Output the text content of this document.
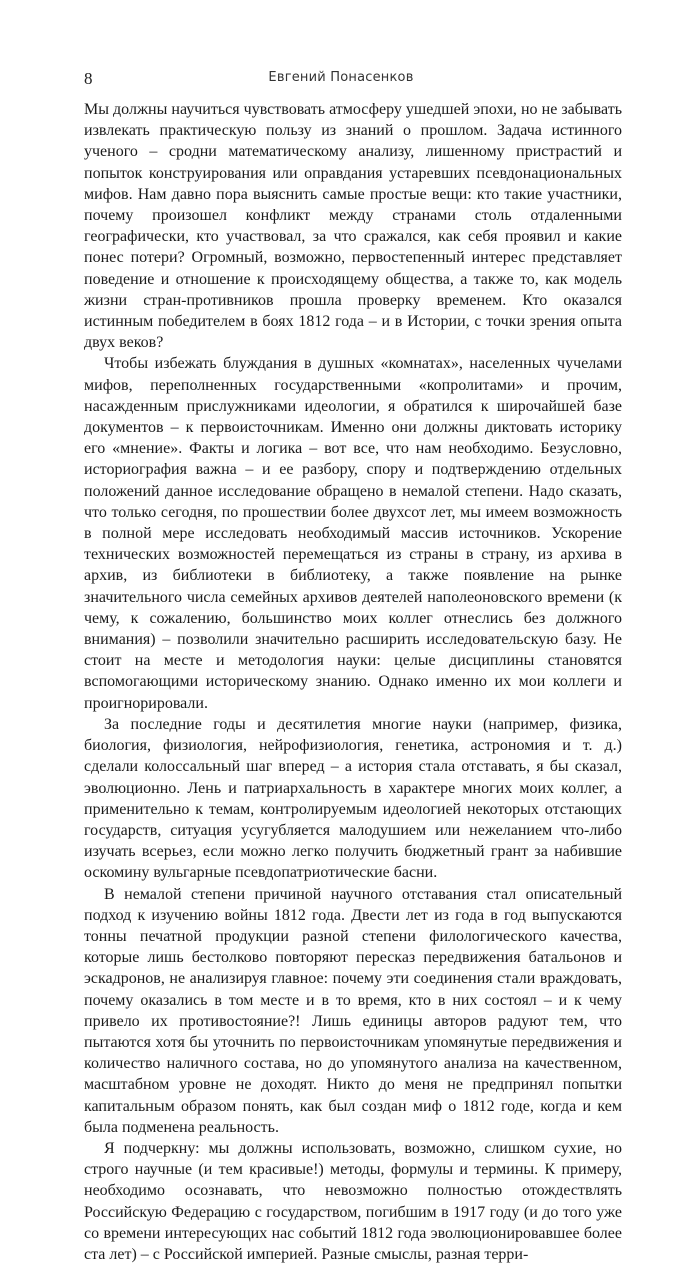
8	Евгений Понасенков

Мы должны научиться чувствовать атмосферу ушедшей эпохи, но не забывать извлекать практическую пользу из знаний о прошлом. Задача истинного ученого – сродни математическому анализу, лишенному пристрастий и попыток конструирования или оправдания устаревших псевдонациональных мифов. Нам давно пора выяснить самые простые вещи: кто такие участники, почему произошел конфликт между странами столь отдаленными географически, кто участвовал, за что сражался, как себя проявил и какие понес потери? Огромный, возможно, первостепенный интерес представляет поведение и отношение к происходящему общества, а также то, как модель жизни стран-противников прошла проверку временем. Кто оказался истинным победителем в боях 1812 года – и в Истории, с точки зрения опыта двух веков?

Чтобы избежать блуждания в душных «комнатах», населенных чучелами мифов, переполненных государственными «копролитами» и прочим, насажденным прислужниками идеологии, я обратился к широчайшей базе документов – к первоисточникам. Именно они должны диктовать историку его «мнение». Факты и логика – вот все, что нам необходимо. Безусловно, историография важна – и ее разбору, спору и подтверждению отдельных положений данное исследование обращено в немалой степени. Надо сказать, что только сегодня, по прошествии более двухсот лет, мы имеем возможность в полной мере исследовать необходимый массив источников. Ускорение технических возможностей перемещаться из страны в страну, из архива в архив, из библиотеки в библиотеку, а также появление на рынке значительного числа семейных архивов деятелей наполеоновского времени (к чему, к сожалению, большинство моих коллег отнеслись без должного внимания) – позволили значительно расширить исследовательскую базу. Не стоит на месте и методология науки: целые дисциплины становятся вспомогающими историческому знанию. Однако именно их мои коллеги и проигнорировали.

За последние годы и десятилетия многие науки (например, физика, биология, физиология, нейрофизиология, генетика, астрономия и т. д.) сделали колоссальный шаг вперед – а история стала отставать, я бы сказал, эволюционно. Лень и патриархальность в характере многих моих коллег, а применительно к темам, контролируемым идеологией некоторых отстающих государств, ситуация усугубляется малодушием или нежеланием что-либо изучать всерьез, если можно легко получить бюджетный грант за набившие оскомину вульгарные псевдопатриотические басни.

В немалой степени причиной научного отставания стал описательный подход к изучению войны 1812 года. Двести лет из года в год выпускаются тонны печатной продукции разной степени филологического качества, которые лишь бестолково повторяют пересказ передвижения батальонов и эскадронов, не анализируя главное: почему эти соединения стали враждовать, почему оказались в том месте и в то время, кто в них состоял – и к чему привело их противостояние?! Лишь единицы авторов радуют тем, что пытаются хотя бы уточнить по первоисточникам упомянутые передвижения и количество наличного состава, но до упомянутого анализа на качественном, масштабном уровне не доходят. Никто до меня не предпринял попытки капитальным образом понять, как был создан миф о 1812 годе, когда и кем была подменена реальность.

Я подчеркну: мы должны использовать, возможно, слишком сухие, но строго научные (и тем красивые!) методы, формулы и термины. К примеру, необходимо осознавать, что невозможно полностью отождествлять Российскую Федерацию с государством, погибшим в 1917 году (и до того уже со времени интересующих нас событий 1812 года эволюционировавшее более ста лет) – с Российской империей. Разные смыслы, разная терри-
